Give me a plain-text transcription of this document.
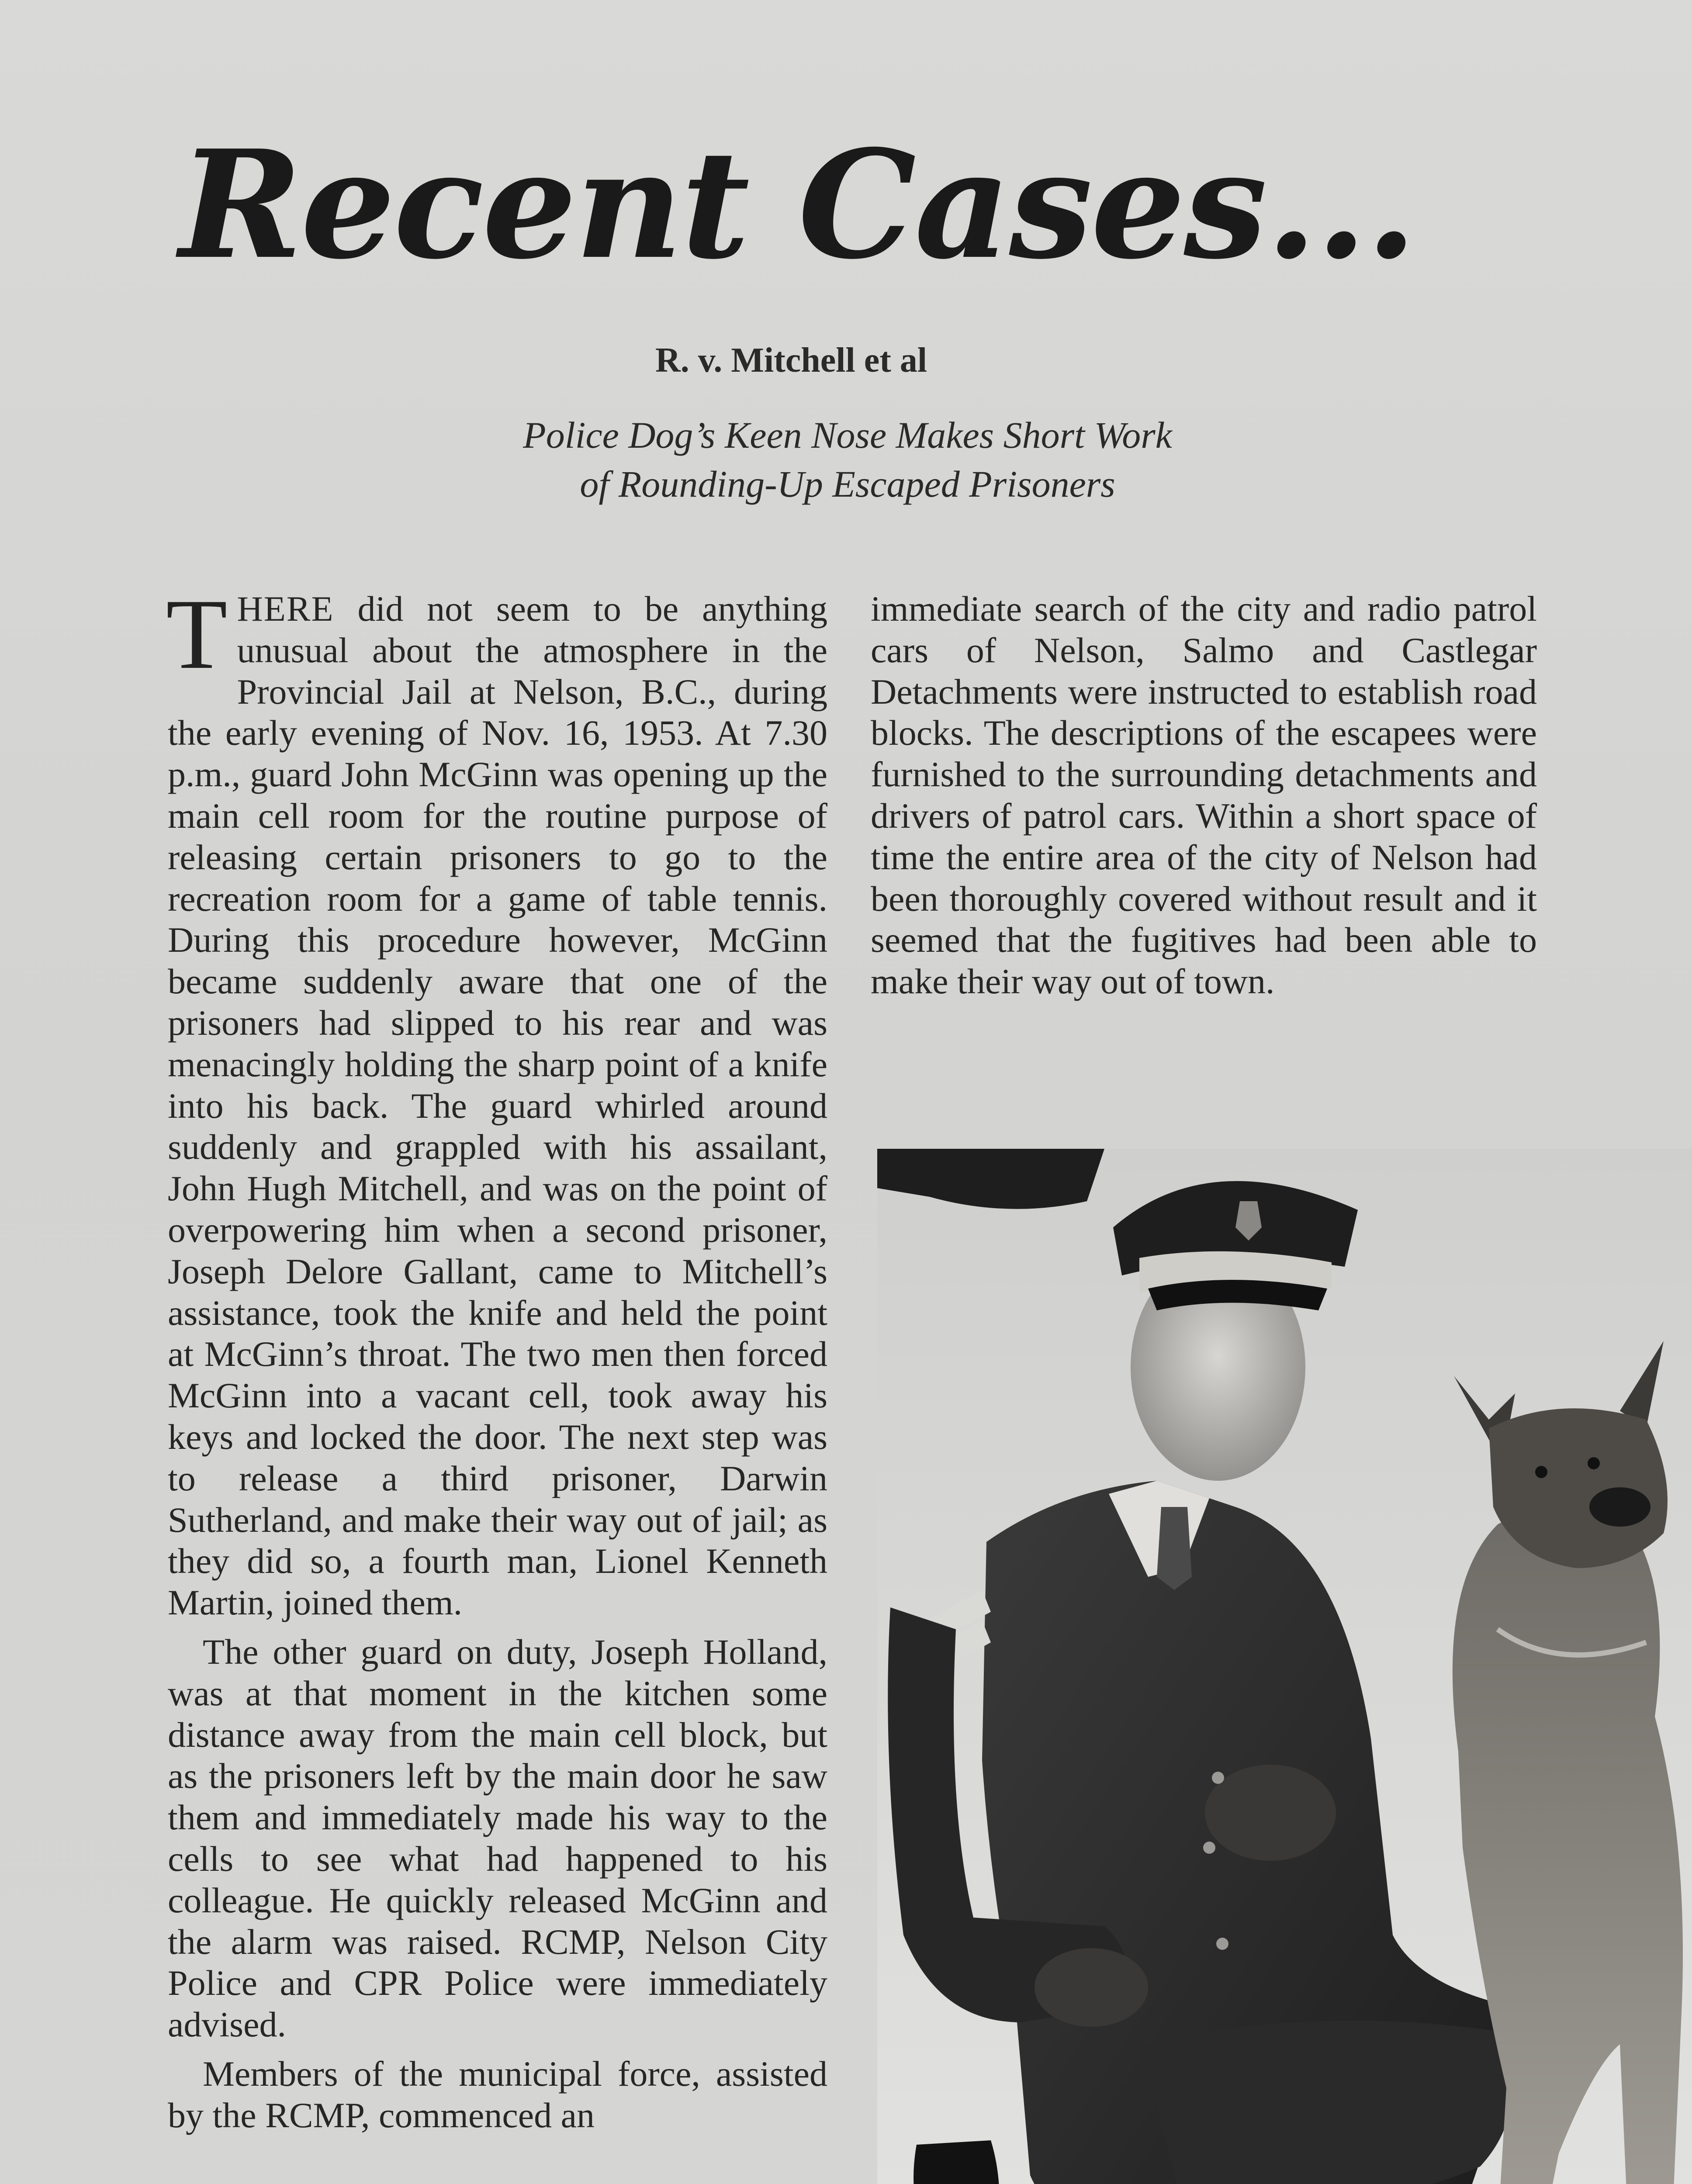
Recent Cases...
R. v. Mitchell et al
Police Dog’s Keen Nose Makes Short Work
of Rounding-Up Escaped Prisoners

THERE did not seem to be anything unusual about the atmosphere in the Provincial Jail at Nelson, B.C., during the early evening of Nov. 16, 1953. At 7.30 p.m., guard John McGinn was opening up the main cell room for the routine purpose of releasing certain prisoners to go to the recreation room for a game of table tennis. During this procedure however, McGinn became suddenly aware that one of the prisoners had slipped to his rear and was menacingly holding the sharp point of a knife into his back. The guard whirled around suddenly and grappled with his assailant, John Hugh Mitchell, and was on the point of overpowering him when a second prisoner, Joseph Delore Gallant, came to Mitchell’s assistance, took the knife and held the point at McGinn’s throat. The two men then forced McGinn into a vacant cell, took away his keys and locked the door. The next step was to release a third prisoner, Darwin Sutherland, and make their way out of jail; as they did so, a fourth man, Lionel Kenneth Martin, joined them.

The other guard on duty, Joseph Holland, was at that moment in the kitchen some distance away from the main cell block, but as the prisoners left by the main door he saw them and immediately made his way to the cells to see what had happened to his colleague. He quickly released McGinn and the alarm was raised. RCMP, Nelson City Police and CPR Police were immediately advised.

Members of the municipal force, assisted by the RCMP, commenced an

immediate search of the city and radio patrol cars of Nelson, Salmo and Castlegar Detachments were instructed to establish road blocks. The descriptions of the escapees were furnished to the surrounding detachments and drivers of patrol cars. Within a short space of time the entire area of the city of Nelson had been thoroughly covered without result and it seemed that the fugitives had been able to make their way out of town.
